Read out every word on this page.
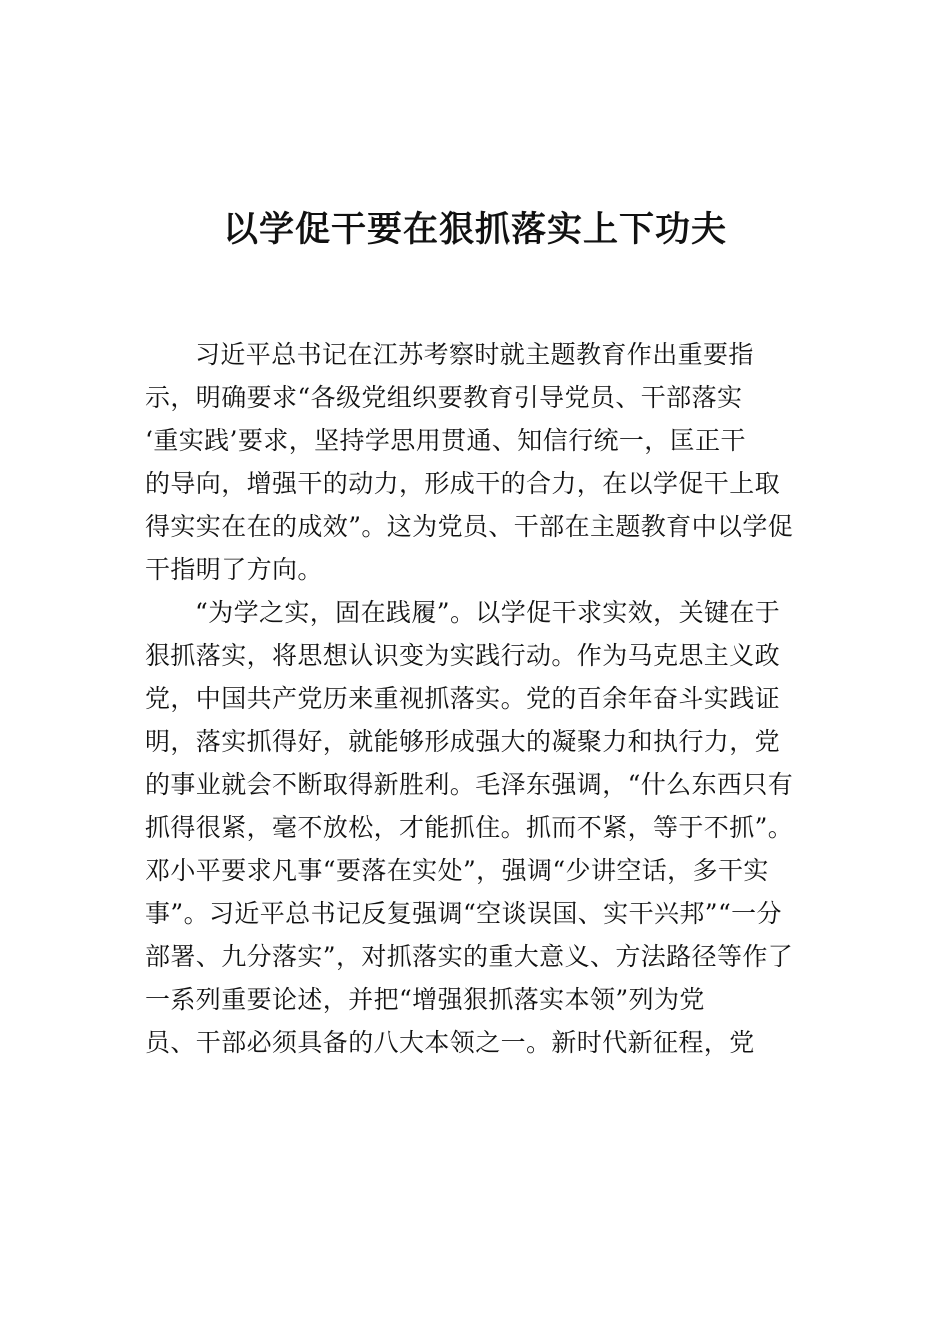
以学促干要在狠抓落实上下功夫

习近平总书记在江苏考察时就主题教育作出重要指
示，明确要求“各级党组织要教育引导党员、干部落实
‘重实践’要求，坚持学思用贯通、知信行统一，匡正干
的导向，增强干的动力，形成干的合力，在以学促干上取
得实实在在的成效”。这为党员、干部在主题教育中以学促
干指明了方向。

“为学之实，固在践履”。以学促干求实效，关键在于
狠抓落实，将思想认识变为实践行动。作为马克思主义政
党，中国共产党历来重视抓落实。党的百余年奋斗实践证
明，落实抓得好，就能够形成强大的凝聚力和执行力，党
的事业就会不断取得新胜利。毛泽东强调，“什么东西只有
抓得很紧，毫不放松，才能抓住。抓而不紧，等于不抓”。
邓小平要求凡事“要落在实处”，强调“少讲空话，多干实
事”。习近平总书记反复强调“空谈误国、实干兴邦”“一分
部署、九分落实”，对抓落实的重大意义、方法路径等作了
一系列重要论述，并把“增强狠抓落实本领”列为党
员、干部必须具备的八大本领之一。新时代新征程，党
